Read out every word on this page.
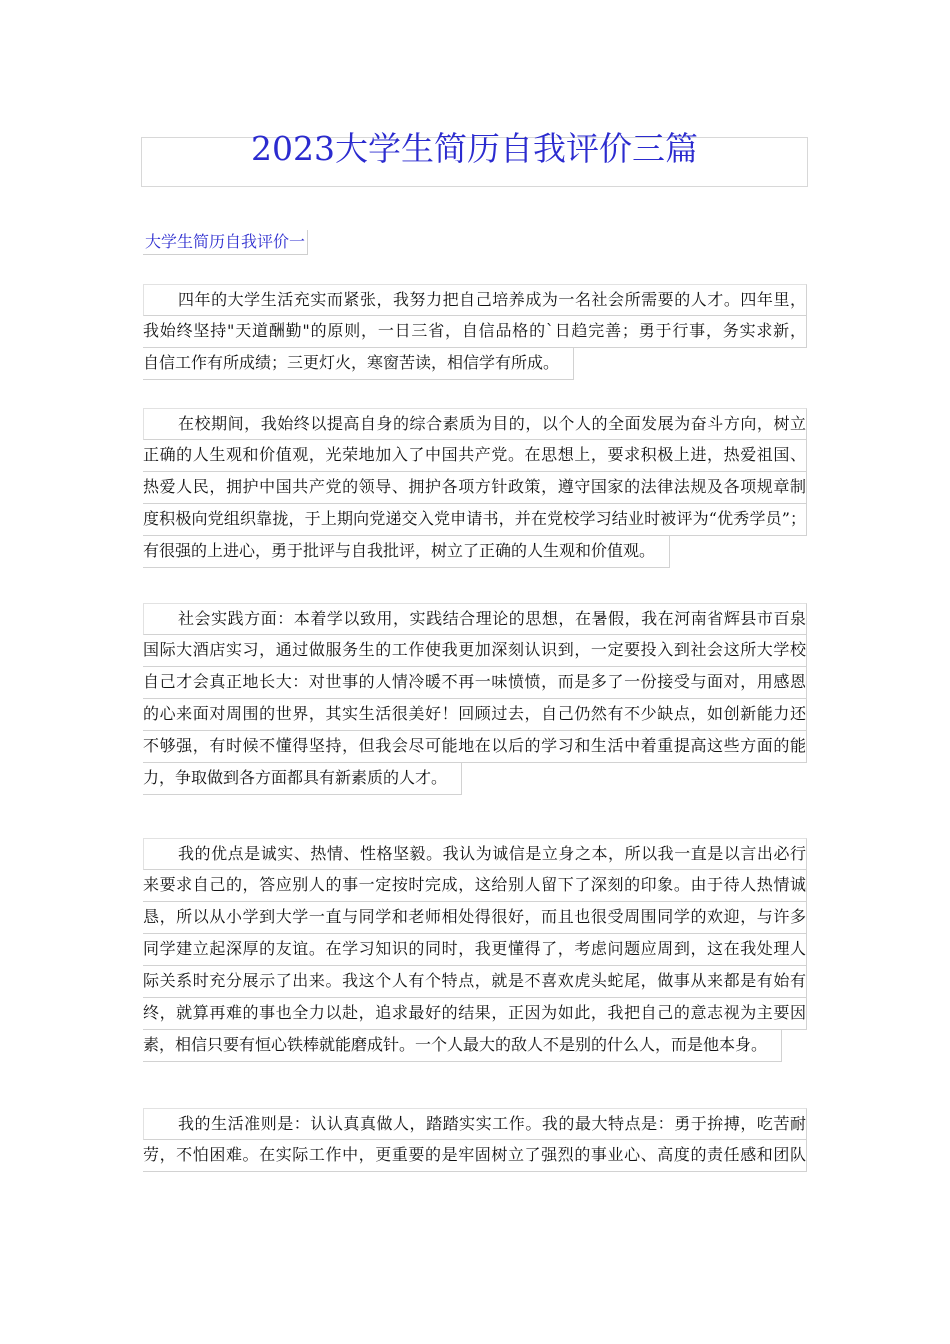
2023大学生简历自我评价三篇
大学生简历自我评价一
四年的大学生活充实而紧张，我努力把自己培养成为一名社会所需要的人才。四年里，
我始终坚持"天道酬勤"的原则，一日三省，自信品格的`日趋完善；勇于行事，务实求新，
自信工作有所成绩；三更灯火，寒窗苦读，相信学有所成。
在校期间，我始终以提高自身的综合素质为目的，以个人的全面发展为奋斗方向，树立
正确的人生观和价值观，光荣地加入了中国共产党。在思想上，要求积极上进，热爱祖国、
热爱人民，拥护中国共产党的领导、拥护各项方针政策，遵守国家的法律法规及各项规章制
度积极向党组织靠拢，于上期向党递交入党申请书，并在党校学习结业时被评为“优秀学员”；
有很强的上进心，勇于批评与自我批评，树立了正确的人生观和价值观。
社会实践方面：本着学以致用，实践结合理论的思想，在暑假，我在河南省辉县市百泉
国际大酒店实习，通过做服务生的工作使我更加深刻认识到，一定要投入到社会这所大学校
自己才会真正地长大：对世事的人情冷暖不再一味愤愤，而是多了一份接受与面对，用感恩
的心来面对周围的世界，其实生活很美好！回顾过去，自己仍然有不少缺点，如创新能力还
不够强，有时候不懂得坚持，但我会尽可能地在以后的学习和生活中着重提高这些方面的能
力，争取做到各方面都具有新素质的人才。
我的优点是诚实、热情、性格坚毅。我认为诚信是立身之本，所以我一直是以言出必行
来要求自己的，答应别人的事一定按时完成，这给别人留下了深刻的印象。由于待人热情诚
恳，所以从小学到大学一直与同学和老师相处得很好，而且也很受周围同学的欢迎，与许多
同学建立起深厚的友谊。在学习知识的同时，我更懂得了，考虑问题应周到，这在我处理人
际关系时充分展示了出来。我这个人有个特点，就是不喜欢虎头蛇尾，做事从来都是有始有
终，就算再难的事也全力以赴，追求最好的结果，正因为如此，我把自己的意志视为主要因
素，相信只要有恒心铁棒就能磨成针。一个人最大的敌人不是别的什么人，而是他本身。
我的生活准则是：认认真真做人，踏踏实实工作。我的最大特点是：勇于拚搏，吃苦耐
劳，不怕困难。在实际工作中，更重要的是牢固树立了强烈的事业心、高度的责任感和团队
